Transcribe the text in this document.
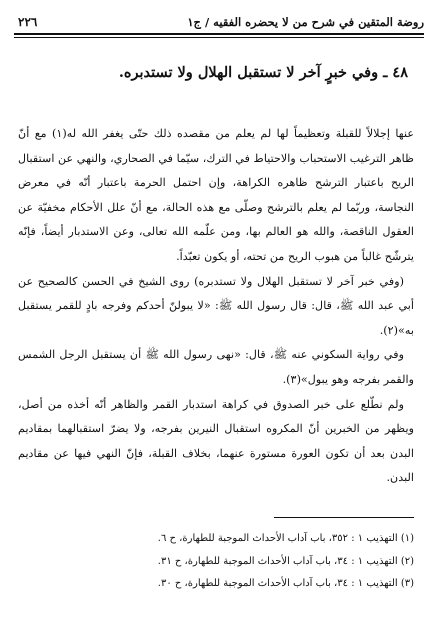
روضة المتقين في شرح من لا يحضره الفقيه / ج١
٢٢٦
٤٨ ـ وفي خبرٍ آخر لا تستقبل الهلال ولا تستدبره.

عنها إجلالاً للقبلة وتعظيماً لها لم يعلم من مقصده ذلك حتّى يغفر الله له(١) مع أنّ ظاهر الترغيب الاستحباب والاحتياط في الترك، سيّما في الصحاري، والنهي عن استقبال الريح باعتبار الترشح ظاهره الكراهة، وإن احتمل الحرمة باعتبار أنّه في معرض النجاسة، وربّما لم يعلم بالترشح وصلّى مع هذه الحالة، مع أنّ علل الأحكام مخفيّة عن العقول الناقصة، والله هو العالم بها، ومن علّمه الله تعالى، وعن الاستدبار أيضاً، فإنّه يترشّح غالباً من هبوب الريح من تحته، أو يكون تعبّداً.

(وفي خبر آخر لا تستقبل الهلال ولا تستدبره) روى الشيخ في الحسن كالصحيح عن أبي عبد الله ﷺ، قال: قال رسول الله ﷺ: «لا يبولنّ أحدكم وفرجه بادٍ للقمر يستقبل به»(٢).

وفي رواية السكوني عنه ﷺ، قال: «نهى رسول الله ﷺ أن يستقبل الرجل الشمس والقمر بفرجه وهو يبول»(٣).

ولم نطّلع على خبر الصدوق في كراهة استدبار القمر والظاهر أنّه أخذه من أصل، ويظهر من الخبرين أنّ المكروه استقبال النيرين بفرجه، ولا يضرّ استقبالهما بمقاديم البدن بعد أن تكون العورة مستورة عنهما، بخلاف القبلة، فإنّ النهي فيها عن مقاديم البدن.

(١) التهذيب ١ : ٣٥٢، باب آداب الأحداث الموجبة للطهارة، ح ٦.

(٢) التهذيب ١ : ٣٤، باب آداب الأحداث الموجبة للطهارة، ح ٣١.

(٣) التهذيب ١ : ٣٤، باب آداب الأحداث الموجبة للطهارة، ح ٣٠.
